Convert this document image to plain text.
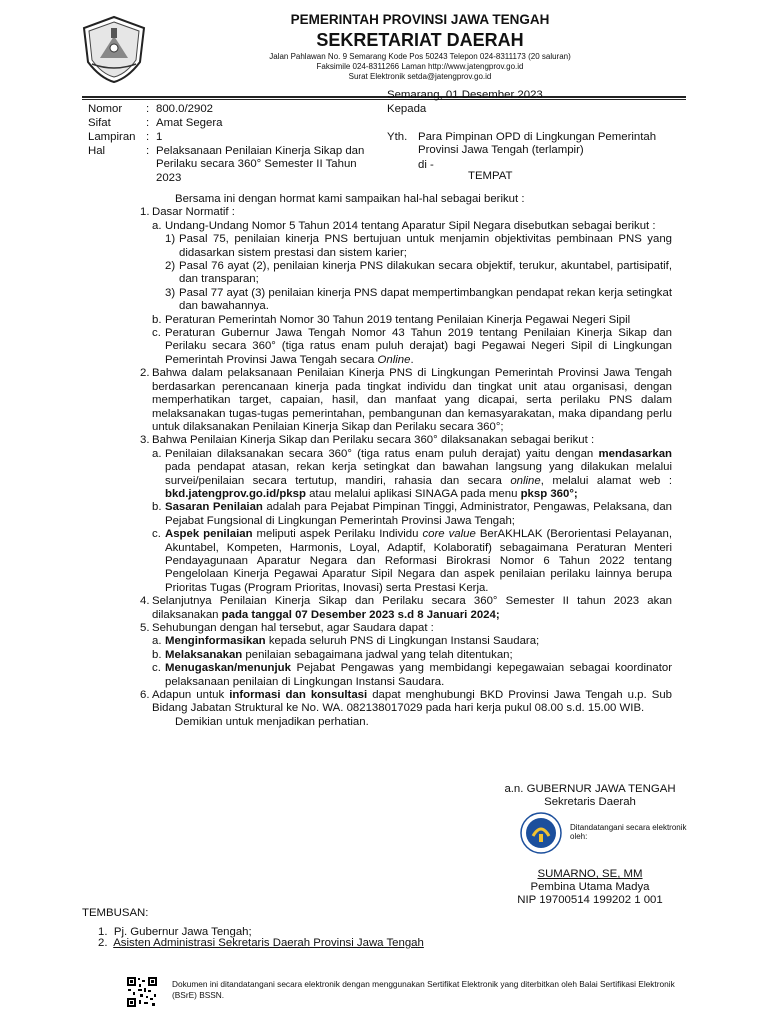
PEMERINTAH PROVINSI JAWA TENGAH
SEKRETARIAT DAERAH
Jalan Pahlawan No. 9 Semarang Kode Pos 50243 Telepon 024-8311173 (20 saluran)
Faksimile 024-8311266 Laman http://www.jatengprov.go.id
Surat Elektronik setda@jatengprov.go.id
Semarang, 01 Desember 2023
Kepada
Nomor : 800.0/2902
Sifat	: Amat Segera
Lampiran : 1
Hal	: Pelaksanaan Penilaian Kinerja Sikap dan Perilaku secara 360° Semester II Tahun 2023
Yth. Para Pimpinan OPD di Lingkungan Pemerintah Provinsi Jawa Tengah (terlampir)
di -
TEMPAT
Bersama ini dengan hormat kami sampaikan hal-hal sebagai berikut :
1. Dasar Normatif :
a. Undang-Undang Nomor 5 Tahun 2014 tentang Aparatur Sipil Negara disebutkan sebagai berikut :
1) Pasal 75, penilaian kinerja PNS bertujuan untuk menjamin objektivitas pembinaan PNS yang didasarkan sistem prestasi dan sistem karier;
2) Pasal 76 ayat (2), penilaian kinerja PNS dilakukan secara objektif, terukur, akuntabel, partisipatif, dan transparan;
3) Pasal 77 ayat (3) penilaian kinerja PNS dapat mempertimbangkan pendapat rekan kerja setingkat dan bawahannya.
b. Peraturan Pemerintah Nomor 30 Tahun 2019 tentang Penilaian Kinerja Pegawai Negeri Sipil
c. Peraturan Gubernur Jawa Tengah Nomor 43 Tahun 2019 tentang Penilaian Kinerja Sikap dan Perilaku secara 360° (tiga ratus enam puluh derajat) bagi Pegawai Negeri Sipil di Lingkungan Pemerintah Provinsi Jawa Tengah secara Online.
2. Bahwa dalam pelaksanaan Penilaian Kinerja PNS di Lingkungan Pemerintah Provinsi Jawa Tengah berdasarkan perencanaan kinerja pada tingkat individu dan tingkat unit atau organisasi, dengan memperhatikan target, capaian, hasil, dan manfaat yang dicapai, serta perilaku PNS dalam melaksanakan tugas-tugas pemerintahan, pembangunan dan kemasyarakatan, maka dipandang perlu untuk dilaksanakan Penilaian Kinerja Sikap dan Perilaku secara 360°;
3. Bahwa Penilaian Kinerja Sikap dan Perilaku secara 360° dilaksanakan sebagai berikut :
a. Penilaian dilaksanakan secara 360° (tiga ratus enam puluh derajat) yaitu dengan mendasarkan pada pendapat atasan, rekan kerja setingkat dan bawahan langsung yang dilakukan melalui survei/penilaian secara tertutup, mandiri, rahasia dan secara online, melalui alamat web : bkd.jatengprov.go.id/pksp atau melalui aplikasi SINAGA pada menu pksp 360°;
b. Sasaran Penilaian adalah para Pejabat Pimpinan Tinggi, Administrator, Pengawas, Pelaksana, dan Pejabat Fungsional di Lingkungan Pemerintah Provinsi Jawa Tengah;
c. Aspek penilaian meliputi aspek Perilaku Individu core value BerAKHLAK (Berorientasi Pelayanan, Akuntabel, Kompeten, Harmonis, Loyal, Adaptif, Kolaboratif) sebagaimana Peraturan Menteri Pendayagunaan Aparatur Negara dan Reformasi Birokrasi Nomor 6 Tahun 2022 tentang Pengelolaan Kinerja Pegawai Aparatur Sipil Negara dan aspek penilaian perilaku lainnya berupa Prioritas Tugas (Program Prioritas, Inovasi) serta Prestasi Kerja.
4. Selanjutnya Penilaian Kinerja Sikap dan Perilaku secara 360° Semester II tahun 2023 akan dilaksanakan pada tanggal 07 Desember 2023 s.d 8 Januari 2024;
5. Sehubungan dengan hal tersebut, agar Saudara dapat :
a. Menginformasikan kepada seluruh PNS di Lingkungan Instansi Saudara;
b. Melaksanakan penilaian sebagaimana jadwal yang telah ditentukan;
c. Menugaskan/menunjuk Pejabat Pengawas yang membidangi kepegawaian sebagai koordinator pelaksanaan penilaian di Lingkungan Instansi Saudara.
6. Adapun untuk informasi dan konsultasi dapat menghubungi BKD Provinsi Jawa Tengah u.p. Sub Bidang Jabatan Struktural ke No. WA. 082138017029 pada hari kerja pukul 08.00 s.d. 15.00 WIB.
Demikian untuk menjadikan perhatian.
a.n. GUBERNUR JAWA TENGAH
Sekretaris Daerah
Ditandatangani secara elektronik oleh:
SUMARNO, SE, MM
Pembina Utama Madya
NIP 19700514 199202 1 001
TEMBUSAN:
1. Pj. Gubernur Jawa Tengah;
2. Asisten Administrasi Sekretaris Daerah Provinsi Jawa Tengah
Dokumen ini ditandatangani secara elektronik dengan menggunakan Sertifikat Elektronik yang diterbitkan oleh Balai Sertifikasi Elektronik (BSrE) BSSN.
